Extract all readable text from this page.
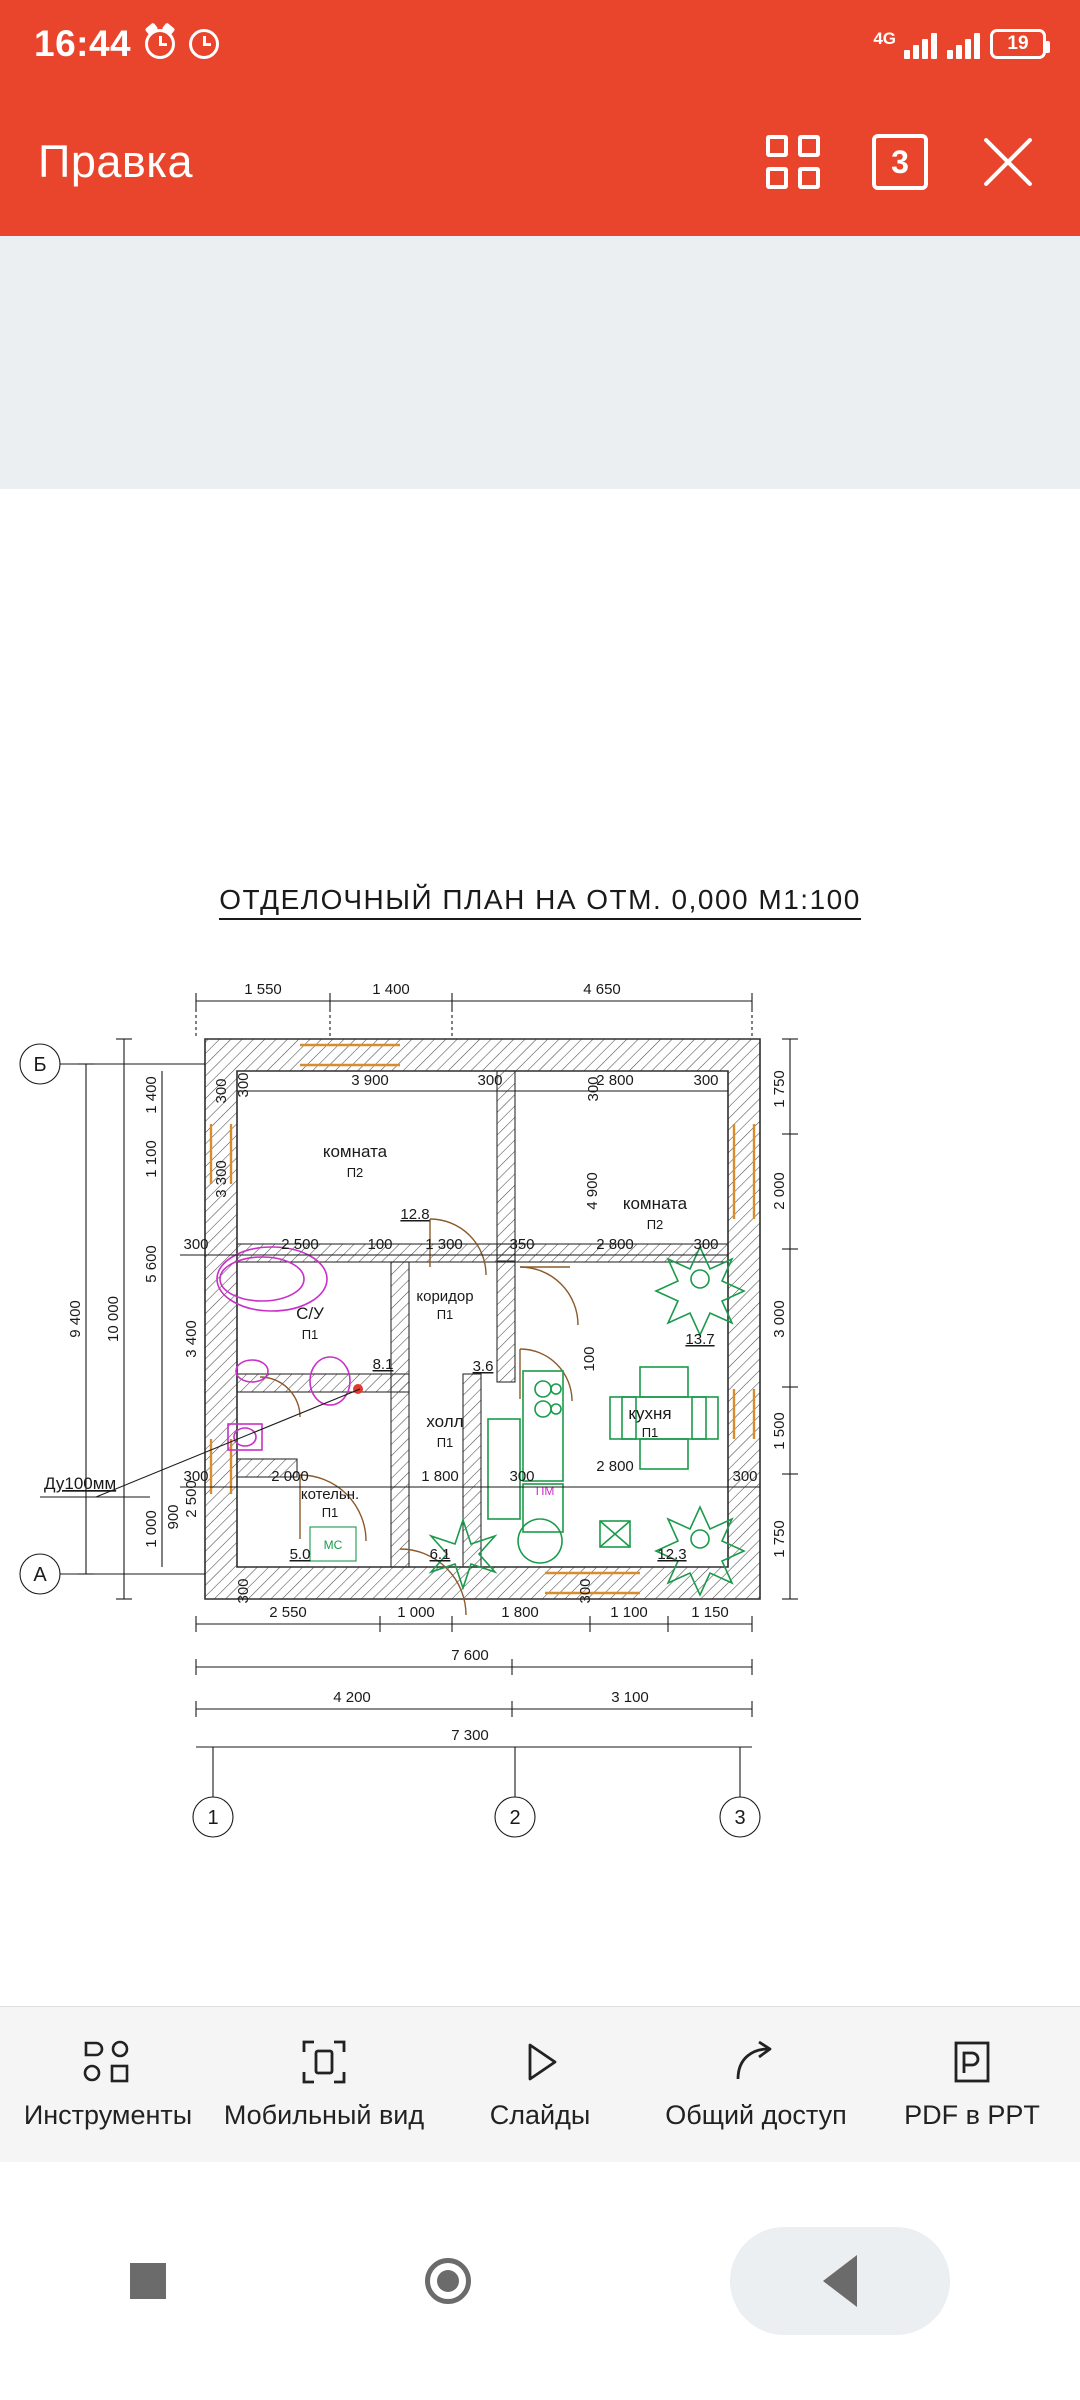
16:44	4G	19
Правка	3
ОТДЕЛОЧНЫЙ ПЛАН НА ОТМ. 0,000 М1:100
МС
ПМ
комната
П2
комната
П2
С/У
П1
коридор
П1
холл
П1
котельн.
П1
кухня
П1
12.8
13.7
8.1	3.6
5.0	6.1	12.3
1 550	1 400	4 650
300	3 900	300	2 800	300
300	2 500	100 1 300	350	2 800	300
300	2 000	1 800	300	300
2 800
2 550	1 000	1 800	1 100	1 150
300	300
7 600
4 200	3 100
7 300
1	2	3
Б
А
9 400 10 000
1 400
1 100
5 600
3 400
2 500
1 000 900
300
3 300
1 750
2 000
3 000
1 500
1 750
4 900
300
100
Ду100мм
Инструменты Мобильный вид Слайды	Общий доступ PDF в PPT
